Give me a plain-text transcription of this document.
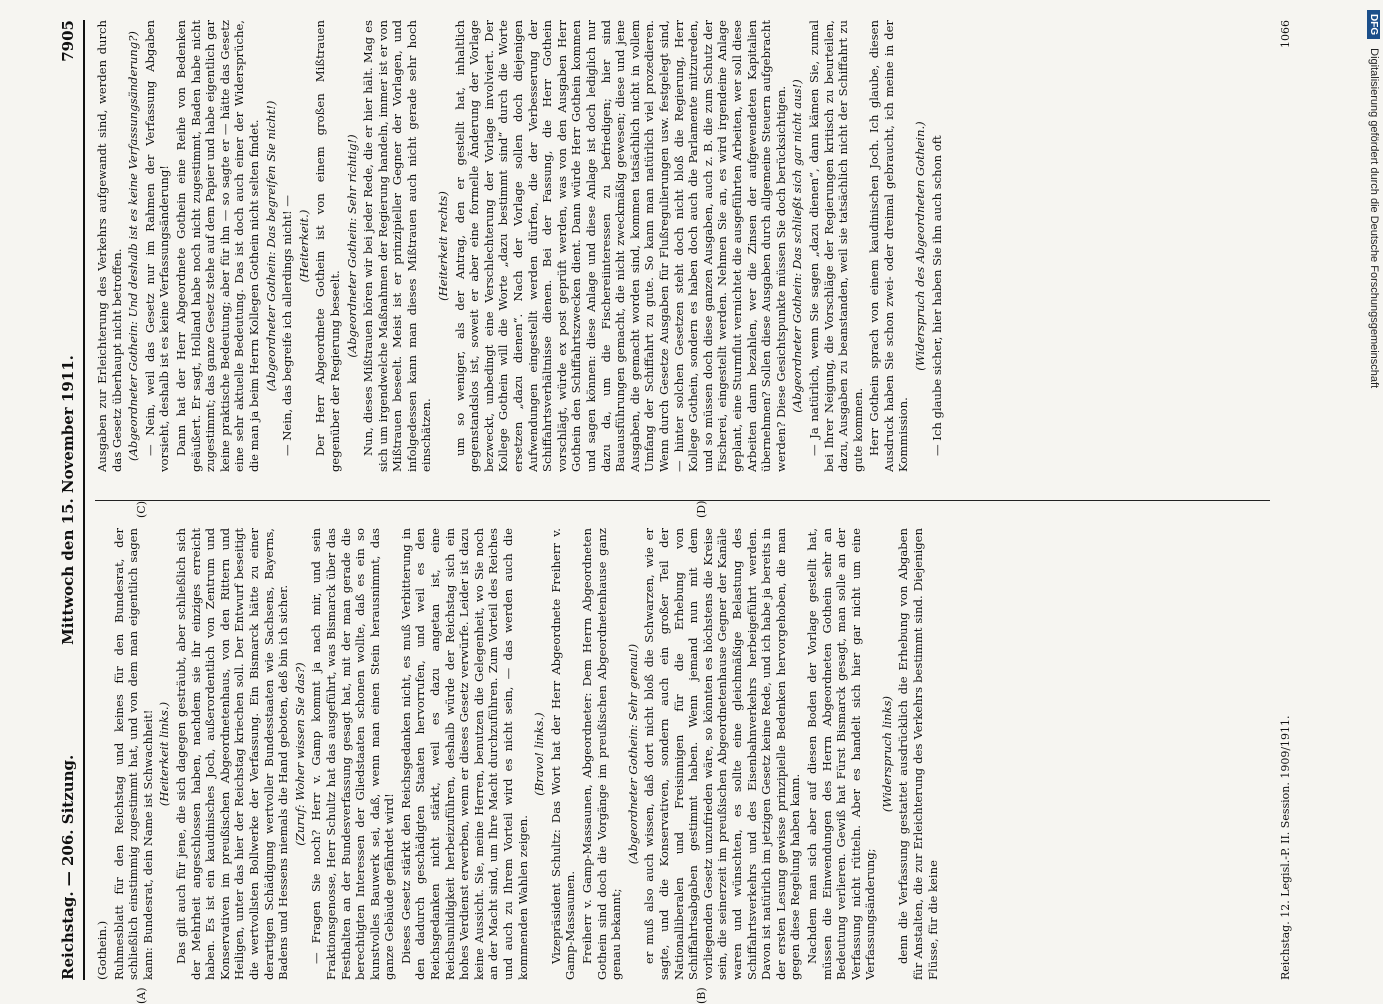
Reichstag. — 206. Sitzung.
Mittwoch den 15. November 1911.
7905
(A)	(B)
(C)	(D)

(Gothein.) Ruhmesblatt für den Reichstag und keines für den Bundesrat, der schließlich einstimmig zugestimmt hat, und von dem man eigentlich sagen kann: Bundesrat, dein Name ist Schwachheit! (Heiterkeit links.) Das gilt auch für jene, die sich dagegen gesträubt, aber schließlich sich der Mehrheit angeschlossen haben, nachdem sie ihr einziges erreicht haben. Es ist ein kaudinisches Joch, außerordentlich von Zentrum und Konservativen im preußischen Abgeordnetenhaus, von den Rittern und Heiligen, unter das hier der Reichstag kriechen soll. Der Entwurf beseitigt die wertvollsten Bollwerke der Verfassung. Ein Bismarck hätte zu einer derartigen Schädigung wertvoller Bundesstaaten wie Sachsens, Bayerns, Badens und Hessens niemals die Hand geboten, deß bin ich sicher. (Zuruf: Woher wissen Sie das?) — Fragen Sie noch? Herr v. Gamp kommt ja nach mir, und sein Fraktionsgenosse, Herr Schultz hat das ausgeführt, was Bismarck über das Festhalten an der Bundesverfassung gesagt hat, mit der man gerade die berechtigten Interessen der Gliedstaaten schonen wollte, daß es ein so kunstvolles Bauwerk sei, daß, wenn man einen Stein herausnimmt, das ganze Gebäude gefährdet wird! Dieses Gesetz stärkt den Reichsgedanken nicht, es muß Verbitterung in den dadurch geschädigten Staaten hervorrufen, und weil es den Reichsgedanken nicht stärkt, weil es dazu angetan ist, eine Reichsunlidigkeit herbeizuführen, deshalb würde der Reichstag sich ein hohes Verdienst erwerben, wenn er dieses Gesetz verwürfe. Leider ist dazu keine Aussicht. Sie, meine Herren, benutzen die Gelegenheit, wo Sie noch an der Macht sind, um Ihre Macht durchzuführen. Zum Vorteil des Reiches und auch zu Ihrem Vorteil wird es nicht sein, — das werden auch die kommenden Wahlen zeigen.

(Bravo! links.) Vizepräsident Schultz: Das Wort hat der Herr Abgeordnete Freiherr v. Gamp-Massaunen. Freiherr v. Gamp-Massaunen, Abgeordneter: Dem Herrn Abgeordneten Gothein sind doch die Vorgänge im preußischen Abgeordnetenhause ganz genau bekannt;

(Abgeordneter Gothein: Sehr genau!) er muß also auch wissen, daß dort nicht bloß die Schwarzen, wie er sagte, und die Konservativen, sondern auch ein großer Teil der Nationalliberalen und Freisinnigen für die Erhebung von Schiffahrtsabgaben gestimmt haben. Wenn jemand nun mit dem vorliegenden Gesetz unzufrieden wäre, so könnten es höchstens die Kreise sein, die seinerzeit im preußischen Abgeordnetenhause Gegner der Kanäle waren und wünschten, es sollte eine gleichmäßige Belastung des Schiffahrtsverkehrs und des Eisenbahnverkehrs herbeigeführt werden. Davon ist natürlich im jetzigen Gesetz keine Rede, und ich habe ja bereits in der ersten Lesung gewisse prinzipielle Bedenken hervorgehoben, die man gegen diese Regelung haben kann. Nachdem man sich aber auf diesen Boden der Vorlage gestellt hat, müssen die Einwendungen des Herrn Abgeordneten Gothein sehr an Bedeutung verlieren. Gewiß hat Fürst Bismarck gesagt, man solle an der Verfassung nicht rütteln. Aber es handelt sich hier gar nicht um eine Verfassungsänderung;

(Widerspruch links) denn die Verfassung gestattet ausdrücklich die Erhebung von Abgaben für Anstalten, die zur Erleichterung des Verkehrs bestimmt sind. Diejenigen Flüsse, für die keine

Ausgaben zur Erleichterung des Verkehrs aufgewandt sind, werden durch das Gesetz überhaupt nicht betroffen. (Abgeordneter Gothein: Und deshalb ist es keine Verfassungsänderung?) — Nein, weil das Gesetz nur im Rahmen der Verfassung Abgaben vorsieht, deshalb ist es keine Verfassungsänderung! Dann hat der Herr Abgeordnete Gothein eine Reihe von Bedenken geäußert. Er sagt, Holland habe noch nicht zugestimmt, Baden habe nicht zugestimmt; das ganze Gesetz stehe auf dem Papier und habe eigentlich gar keine praktische Bedeutung; aber für ihn — so sagte er — hätte das Gesetz eine sehr aktuelle Bedeutung. Das ist doch auch einer der Widersprüche, die man ja beim Herrn Kollegen Gothein nicht selten findet. (Abgeordneter Gothein: Das begreifen Sie nicht!) — Nein, das begreife ich allerdings nicht! — (Heiterkeit.) Der Herr Abgeordnete Gothein ist von einem großen Mißtrauen gegenüber der Regierung beseelt.

(Abgeordneter Gothein: Sehr richtig!) Nun, dieses Mißtrauen hören wir bei jeder Rede, die er hier hält. Mag es sich um irgendwelche Maßnahmen der Regierung handeln, immer ist er von Mißtrauen beseelt. Meist ist er prinzipieller Gegner der Vorlagen, und infolgedessen kann man dieses Mißtrauen auch nicht gerade sehr hoch einschätzen.

(Heiterkeit rechts) um so weniger, als der Antrag, den er gestellt hat, inhaltlich gegenstandslos ist, soweit er aber eine formelle Änderung der Vorlage bezweckt, unbedingt eine Verschlechterung der Vorlage involviert. Der Kollege Gothein will die Worte „dazu bestimmt sind“ durch die Worte ersetzen „dazu dienen“. Nach der Vorlage sollen doch diejenigen Aufwendungen eingestellt werden dürfen, die der Verbesserung der Schiffahrtsverhältnisse dienen. Bei der Fassung, die Herr Gothein vorschlägt, würde ex post geprüft werden, was von den Ausgaben Herr Gothein den Schiffahrtszwecken dient. Dann würde Herr Gothein kommen und sagen können: diese Anlage und diese Anlage ist doch lediglich nur dazu da, um die Fischereiinteressen zu befriedigen; hier sind Bauausführungen gemacht, die nicht zweckmäßig gewesen; diese und jene Ausgaben, die gemacht worden sind, kommen tatsächlich nicht in vollem Umfang der Schiffahrt zu gute. So kann man natürlich viel prozedieren. Wenn durch Gesetze Ausgaben für Flußregulierungen usw. festgelegt sind, — hinter solchen Gesetzen steht doch nicht bloß die Regierung, Herr Kollege Gothein, sondern es haben doch auch die Parlamente mitzureden, und so müssen doch diese ganzen Ausgaben, auch z. B. die zum Schutz der Fischerei, eingestellt werden. Nehmen Sie an, es wird irgendeine Anlage geplant, eine Sturmflut vernichtet die ausgeführten Arbeiten, wer soll diese Arbeiten dann bezahlen, wer die Zinsen der aufgewendeten Kapitalien übernehmen? Sollen diese Ausgaben durch allgemeine Steuern aufgebracht werden? Diese Gesichtspunkte müssen Sie doch berücksichtigen. (Abgeordneter Gothein: Das schließt sich gar nicht aus!) — Ja natürlich, wenn Sie sagen „dazu dienen“, dann kämen Sie, zumal bei Ihrer Neigung, die Vorschläge der Regierungen kritisch zu beurteilen, dazu, Ausgaben zu beanstanden, weil sie tatsächlich nicht der Schiffahrt zu gute kommen. Herr Gothein sprach von einem kaudinischen Joch. Ich glaube, diesen Ausdruck haben Sie schon zwei- oder dreimal gebraucht, ich meine in der Kommission.

(Widerspruch des Abgeordneten Gothein.) — Ich glaube sicher, hier haben Sie ihn auch schon oft

Reichstag. 12. Legisl.-P. II. Session. 1909/1911.
1066	DFG Digitalisierung gefördert durch die Deutsche Forschungsgemeinschaft
